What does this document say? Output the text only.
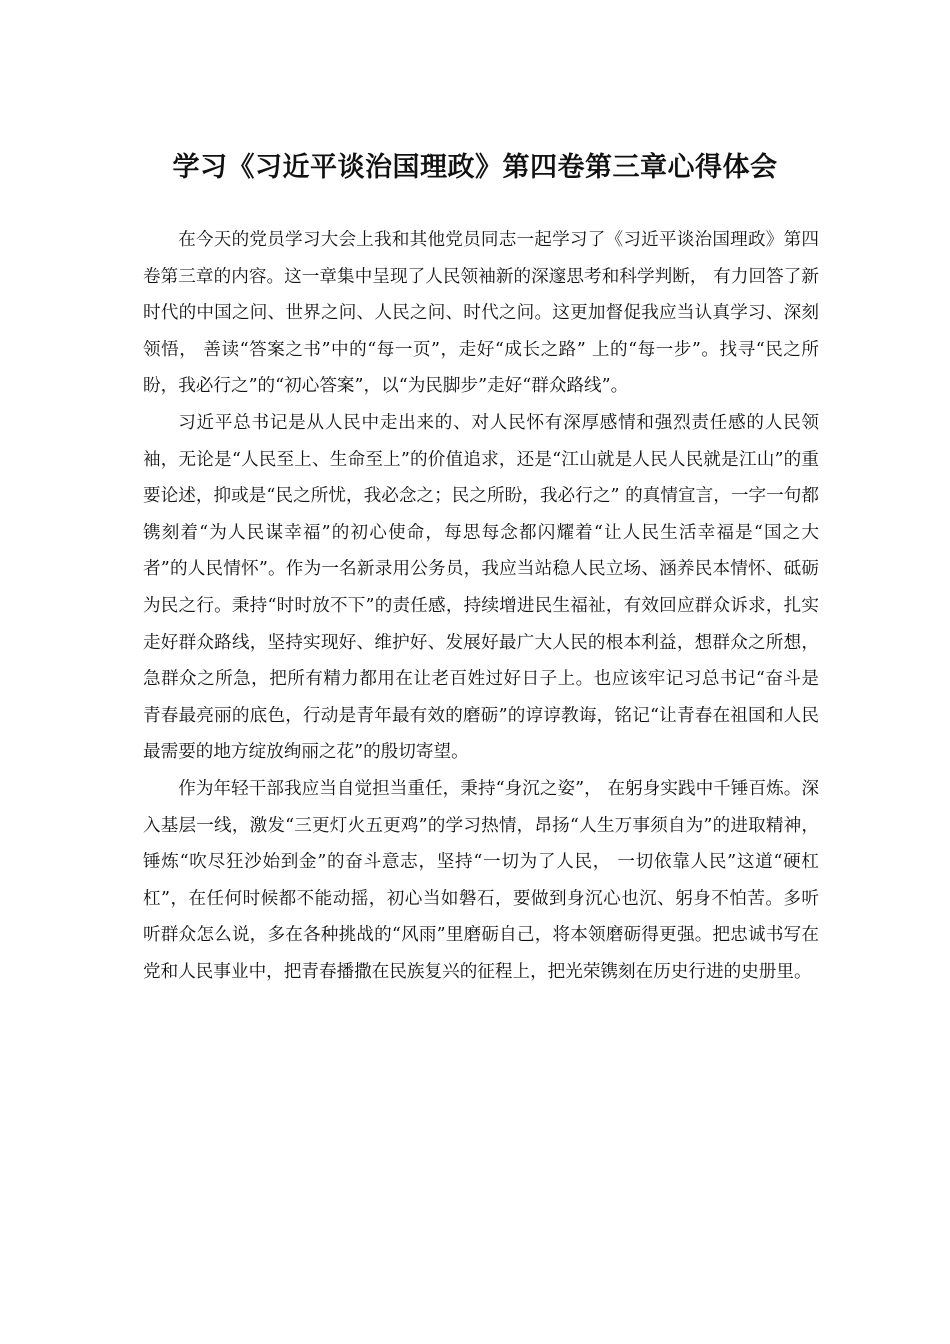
学习《习近平谈治国理政》第四卷第三章心得体会

在今天的党员学习大会上我和其他党员同志一起学习了《习近平谈治国理政》第四卷第三章的内容。这一章集中呈现了人民领袖新的深邃思考和科学判断， 有力回答了新时代的中国之问、世界之问、人民之问、时代之问。这更加督促我应当认真学习、深刻领悟， 善读“答案之书”中的“每一页”，走好“成长之路” 上的“每一步”。找寻“民之所盼，我必行之”的“初心答案”，以“为民脚步”走好“群众路线”。

习近平总书记是从人民中走出来的、对人民怀有深厚感情和强烈责任感的人民领袖，无论是“人民至上、生命至上”的价值追求，还是“江山就是人民人民就是江山”的重要论述，抑或是“民之所忧，我必念之；民之所盼，我必行之” 的真情宣言，一字一句都镌刻着“为人民谋幸福”的初心使命，每思每念都闪耀着“让人民生活幸福是“国之大者”的人民情怀”。作为一名新录用公务员，我应当站稳人民立场、涵养民本情怀、砥砺为民之行。秉持“时时放不下”的责任感，持续增进民生福祉，有效回应群众诉求，扎实走好群众路线，坚持实现好、维护好、发展好最广大人民的根本利益，想群众之所想，急群众之所急，把所有精力都用在让老百姓过好日子上。也应该牢记习总书记“奋斗是青春最亮丽的底色，行动是青年最有效的磨砺”的谆谆教诲，铭记“让青春在祖国和人民最需要的地方绽放绚丽之花”的殷切寄望。

作为年轻干部我应当自觉担当重任，秉持“身沉之姿”， 在躬身实践中千锤百炼。深入基层一线，激发“三更灯火五更鸡”的学习热情，昂扬“人生万事须自为”的进取精神，锤炼“吹尽狂沙始到金”的奋斗意志，坚持“一切为了人民， 一切依靠人民”这道“硬杠杠”，在任何时候都不能动摇，初心当如磐石，要做到身沉心也沉、躬身不怕苦。多听听群众怎么说，多在各种挑战的“风雨”里磨砺自己，将本领磨砺得更强。把忠诚书写在党和人民事业中，把青春播撒在民族复兴的征程上，把光荣镌刻在历史行进的史册里。
